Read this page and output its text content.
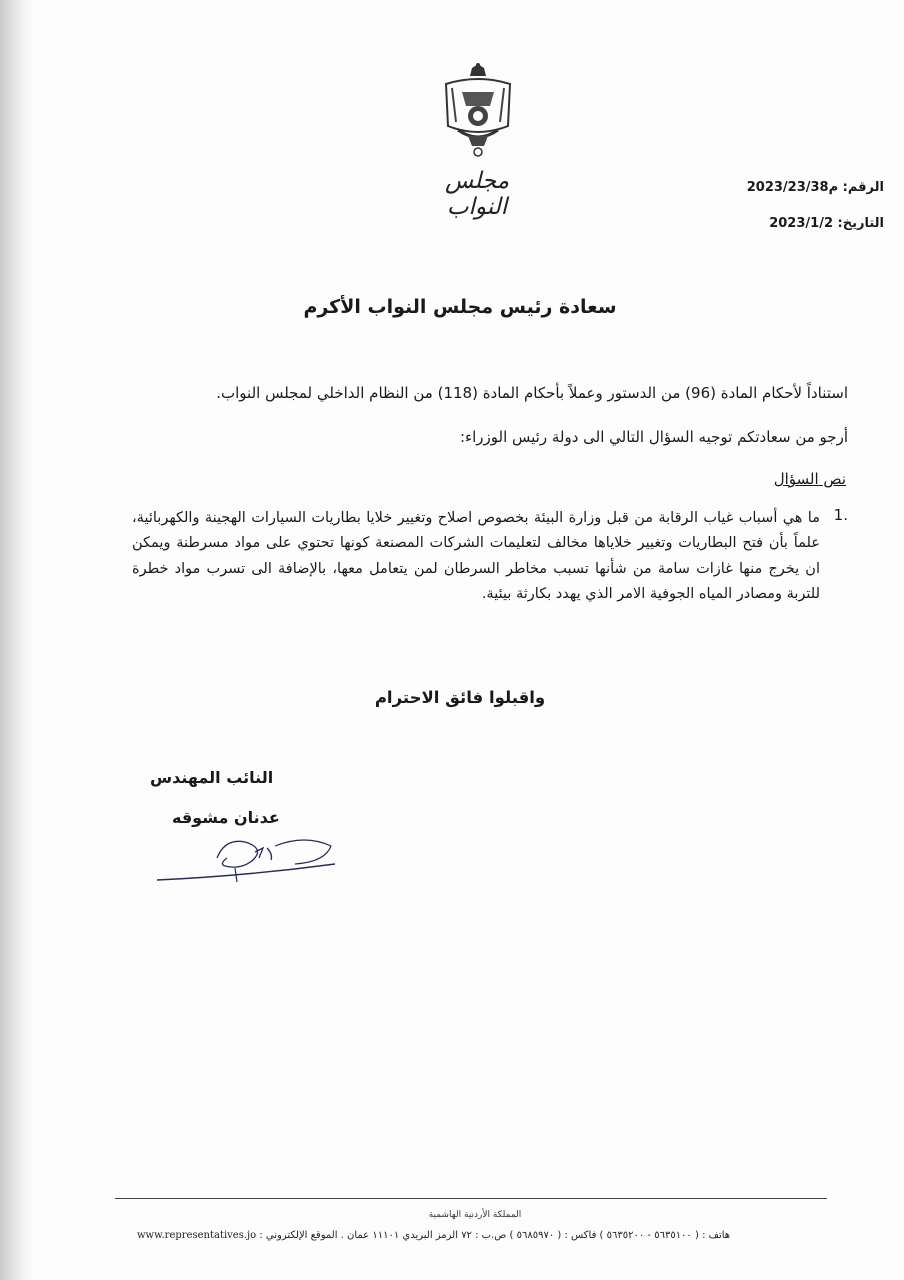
مجلس النواب
الرقم: م2023/23/38
التاريخ: 2023/1/2
سعادة رئيس مجلس النواب الأكرم
استناداً لأحكام المادة (96) من الدستور وعملاً بأحكام المادة (118) من النظام الداخلي لمجلس النواب.
أرجو من سعادتكم توجيه السؤال التالي الى دولة رئيس الوزراء:
نص السؤال
.1
ما هي أسباب غياب الرقابة من قبل وزارة البيئة بخصوص اصلاح وتغيير خلايا بطاريات السيارات الهجينة والكهربائية، علماً بأن فتح البطاريات وتغيير خلاياها مخالف لتعليمات الشركات المصنعة كونها تحتوي على مواد مسرطنة ويمكن ان يخرج منها غازات سامة من شأنها تسبب مخاطر السرطان لمن يتعامل معها، بالإضافة الى تسرب مواد خطرة للتربة ومصادر المياه الجوفية الامر الذي يهدد بكارثة بيئية.
واقبلوا فائق الاحترام
النائب المهندس
عدنان مشوقه
المملكة الأردنية الهاشمية
www.representatives.jo هاتف : ( ٥٦٣٥١٠٠ - ٥٦٣٥٢٠٠ ) فاكس : ( ٥٦٨٥٩٧٠ ) ص.ب : ٧٢ الرمز البريدي ١١١٠١ عمان . الموقع الإلكتروني :
